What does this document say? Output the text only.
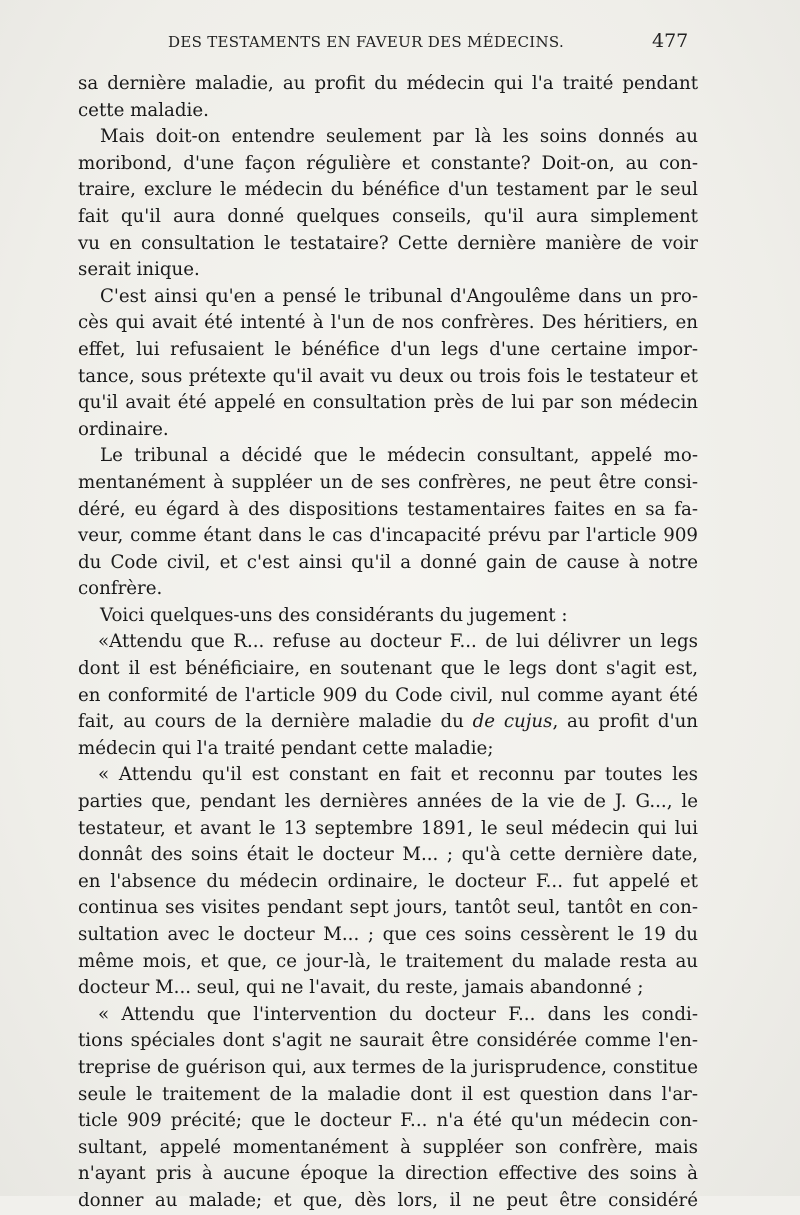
DES TESTAMENTS EN FAVEUR DES MÉDECINS.	477
sa dernière maladie, au profit du médecin qui l'a traité pendant
cette maladie.
Mais doit-on entendre seulement par là les soins donnés au
moribond, d'une façon régulière et constante? Doit-on, au con-
traire, exclure le médecin du bénéfice d'un testament par le seul
fait qu'il aura donné quelques conseils, qu'il aura simplement
vu en consultation le testataire? Cette dernière manière de voir
serait inique.
C'est ainsi qu'en a pensé le tribunal d'Angoulême dans un pro-
cès qui avait été intenté à l'un de nos confrères. Des héritiers, en
effet, lui refusaient le bénéfice d'un legs d'une certaine impor-
tance, sous prétexte qu'il avait vu deux ou trois fois le testateur et
qu'il avait été appelé en consultation près de lui par son médecin
ordinaire.
Le tribunal a décidé que le médecin consultant, appelé mo-
mentanément à suppléer un de ses confrères, ne peut être consi-
déré, eu égard à des dispositions testamentaires faites en sa fa-
veur, comme étant dans le cas d'incapacité prévu par l'article 909
du Code civil, et c'est ainsi qu'il a donné gain de cause à notre
confrère.
Voici quelques-uns des considérants du jugement :
«Attendu que R... refuse au docteur F... de lui délivrer un legs
dont il est bénéficiaire, en soutenant que le legs dont s'agit est,
en conformité de l'article 909 du Code civil, nul comme ayant été
fait, au cours de la dernière maladie du de cujus, au profit d'un
médecin qui l'a traité pendant cette maladie;
« Attendu qu'il est constant en fait et reconnu par toutes les
parties que, pendant les dernières années de la vie de J. G..., le
testateur, et avant le 13 septembre 1891, le seul médecin qui lui
donnât des soins était le docteur M... ; qu'à cette dernière date,
en l'absence du médecin ordinaire, le docteur F... fut appelé et
continua ses visites pendant sept jours, tantôt seul, tantôt en con-
sultation avec le docteur M... ; que ces soins cessèrent le 19 du
même mois, et que, ce jour-là, le traitement du malade resta au
docteur M... seul, qui ne l'avait, du reste, jamais abandonné ;
« Attendu que l'intervention du docteur F... dans les condi-
tions spéciales dont s'agit ne saurait être considérée comme l'en-
treprise de guérison qui, aux termes de la jurisprudence, constitue
seule le traitement de la maladie dont il est question dans l'ar-
ticle 909 précité; que le docteur F... n'a été qu'un médecin con-
sultant, appelé momentanément à suppléer son confrère, mais
n'ayant pris à aucune époque la direction effective des soins à
donner au malade; et que, dès lors, il ne peut être considéré
